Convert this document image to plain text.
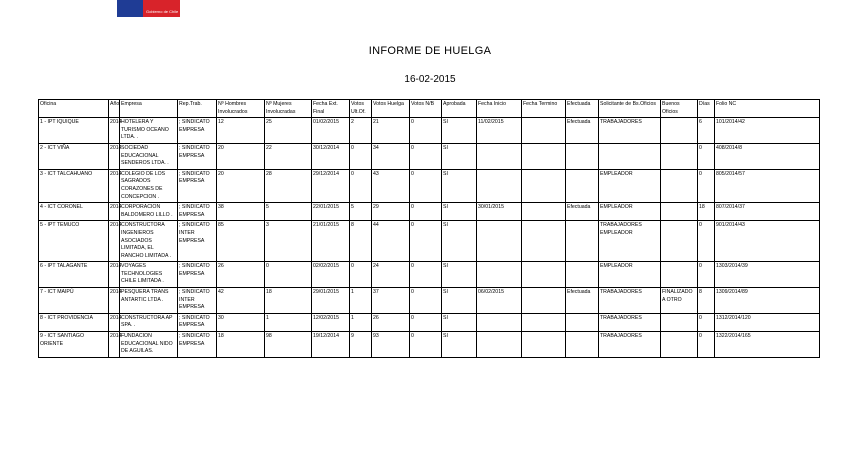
Gobierno de Chile
INFORME DE HUELGA
16-02-2015
Oficina	Año	Empresa	Rep.Trab.	Nº Hombres Involucrados	Nº Mujeres Involucradas	Fecha Ext. Final	Votos Ult.Of.	Votos Huelga	Votos N/B	Aprobada	Fecha Inicio	Fecha Termino	Efectuada	Solicitante de Bs.Oficios	Buenos Oficios	Días	Folio NC
1 - IPT IQUIQUE	2014	HOTELERA Y TURISMO OCEANO LTDA. .	; SINDICATO EMPRESA	12	25	01/02/2015	2	21	0	SI	11/02/2015		Efectuada	TRABAJADORES		6	101/2014/42
2 - ICT VIÑA	2014	SOCIEDAD EDUCACIONAL SENDEROS LTDA. .	; SINDICATO EMPRESA	20	22	30/12/2014	0	34	0	SI						0	408/2014/8
3 - ICT TALCAHUANO	2014	COLEGIO DE LOS SAGRADOS CORAZONES DE CONCEPCION .	; SINDICATO EMPRESA	20	28	29/12/2014	0	43	0	SI				EMPLEADOR		0	805/2014/57
4 - ICT CORONEL	2014	CORPORACION BALDOMERO LILLO .	; SINDICATO EMPRESA	38	5	22/01/2015	5	29	0	SI	30/01/2015		Efectuada	EMPLEADOR		18	807/2014/37
5 - IPT TEMUCO	2014	CONSTRUCTORA INGENIEROS ASOCIADOS LIMITADA, EL RANCHO LIMITADA .	; SINDICATO INTER EMPRESA	85	3	21/01/2015	8	44	0	SI				TRABAJADORES EMPLEADOR		0	901/2014/43
6 - IPT TALAGANTE	2014	VOYAGES TECHNOLOGIES CHILE LIMITADA .	; SINDICATO EMPRESA	26	0	02/02/2015	0	24	0	SI				EMPLEADOR		0	1303/2014/39
7 - ICT MAIPÚ	2014	PESQUERA TRANS ANTARTIC LTDA .	; SINDICATO INTER EMPRESA	42	18	29/01/2015	1	37	0	SI	06/02/2015		Efectuada	TRABAJADORES	FINALIZADO A OTRO	8	1309/2014/89
8 - ICT PROVIDENCIA	2014	CONSTRUCTORA AP SPA. .	; SINDICATO EMPRESA	30	1	12/02/2015	1	26	0	SI				TRABAJADORES		0	1312/2014/120
9 - ICT SANTIAGO ORIENTE	2014	FUNDACION EDUCACIONAL NIDO DE AGUILAS.	; SINDICATO EMPRESA	18	98	19/12/2014	9	93	0	SI				TRABAJADORES		0	1322/2014/165
